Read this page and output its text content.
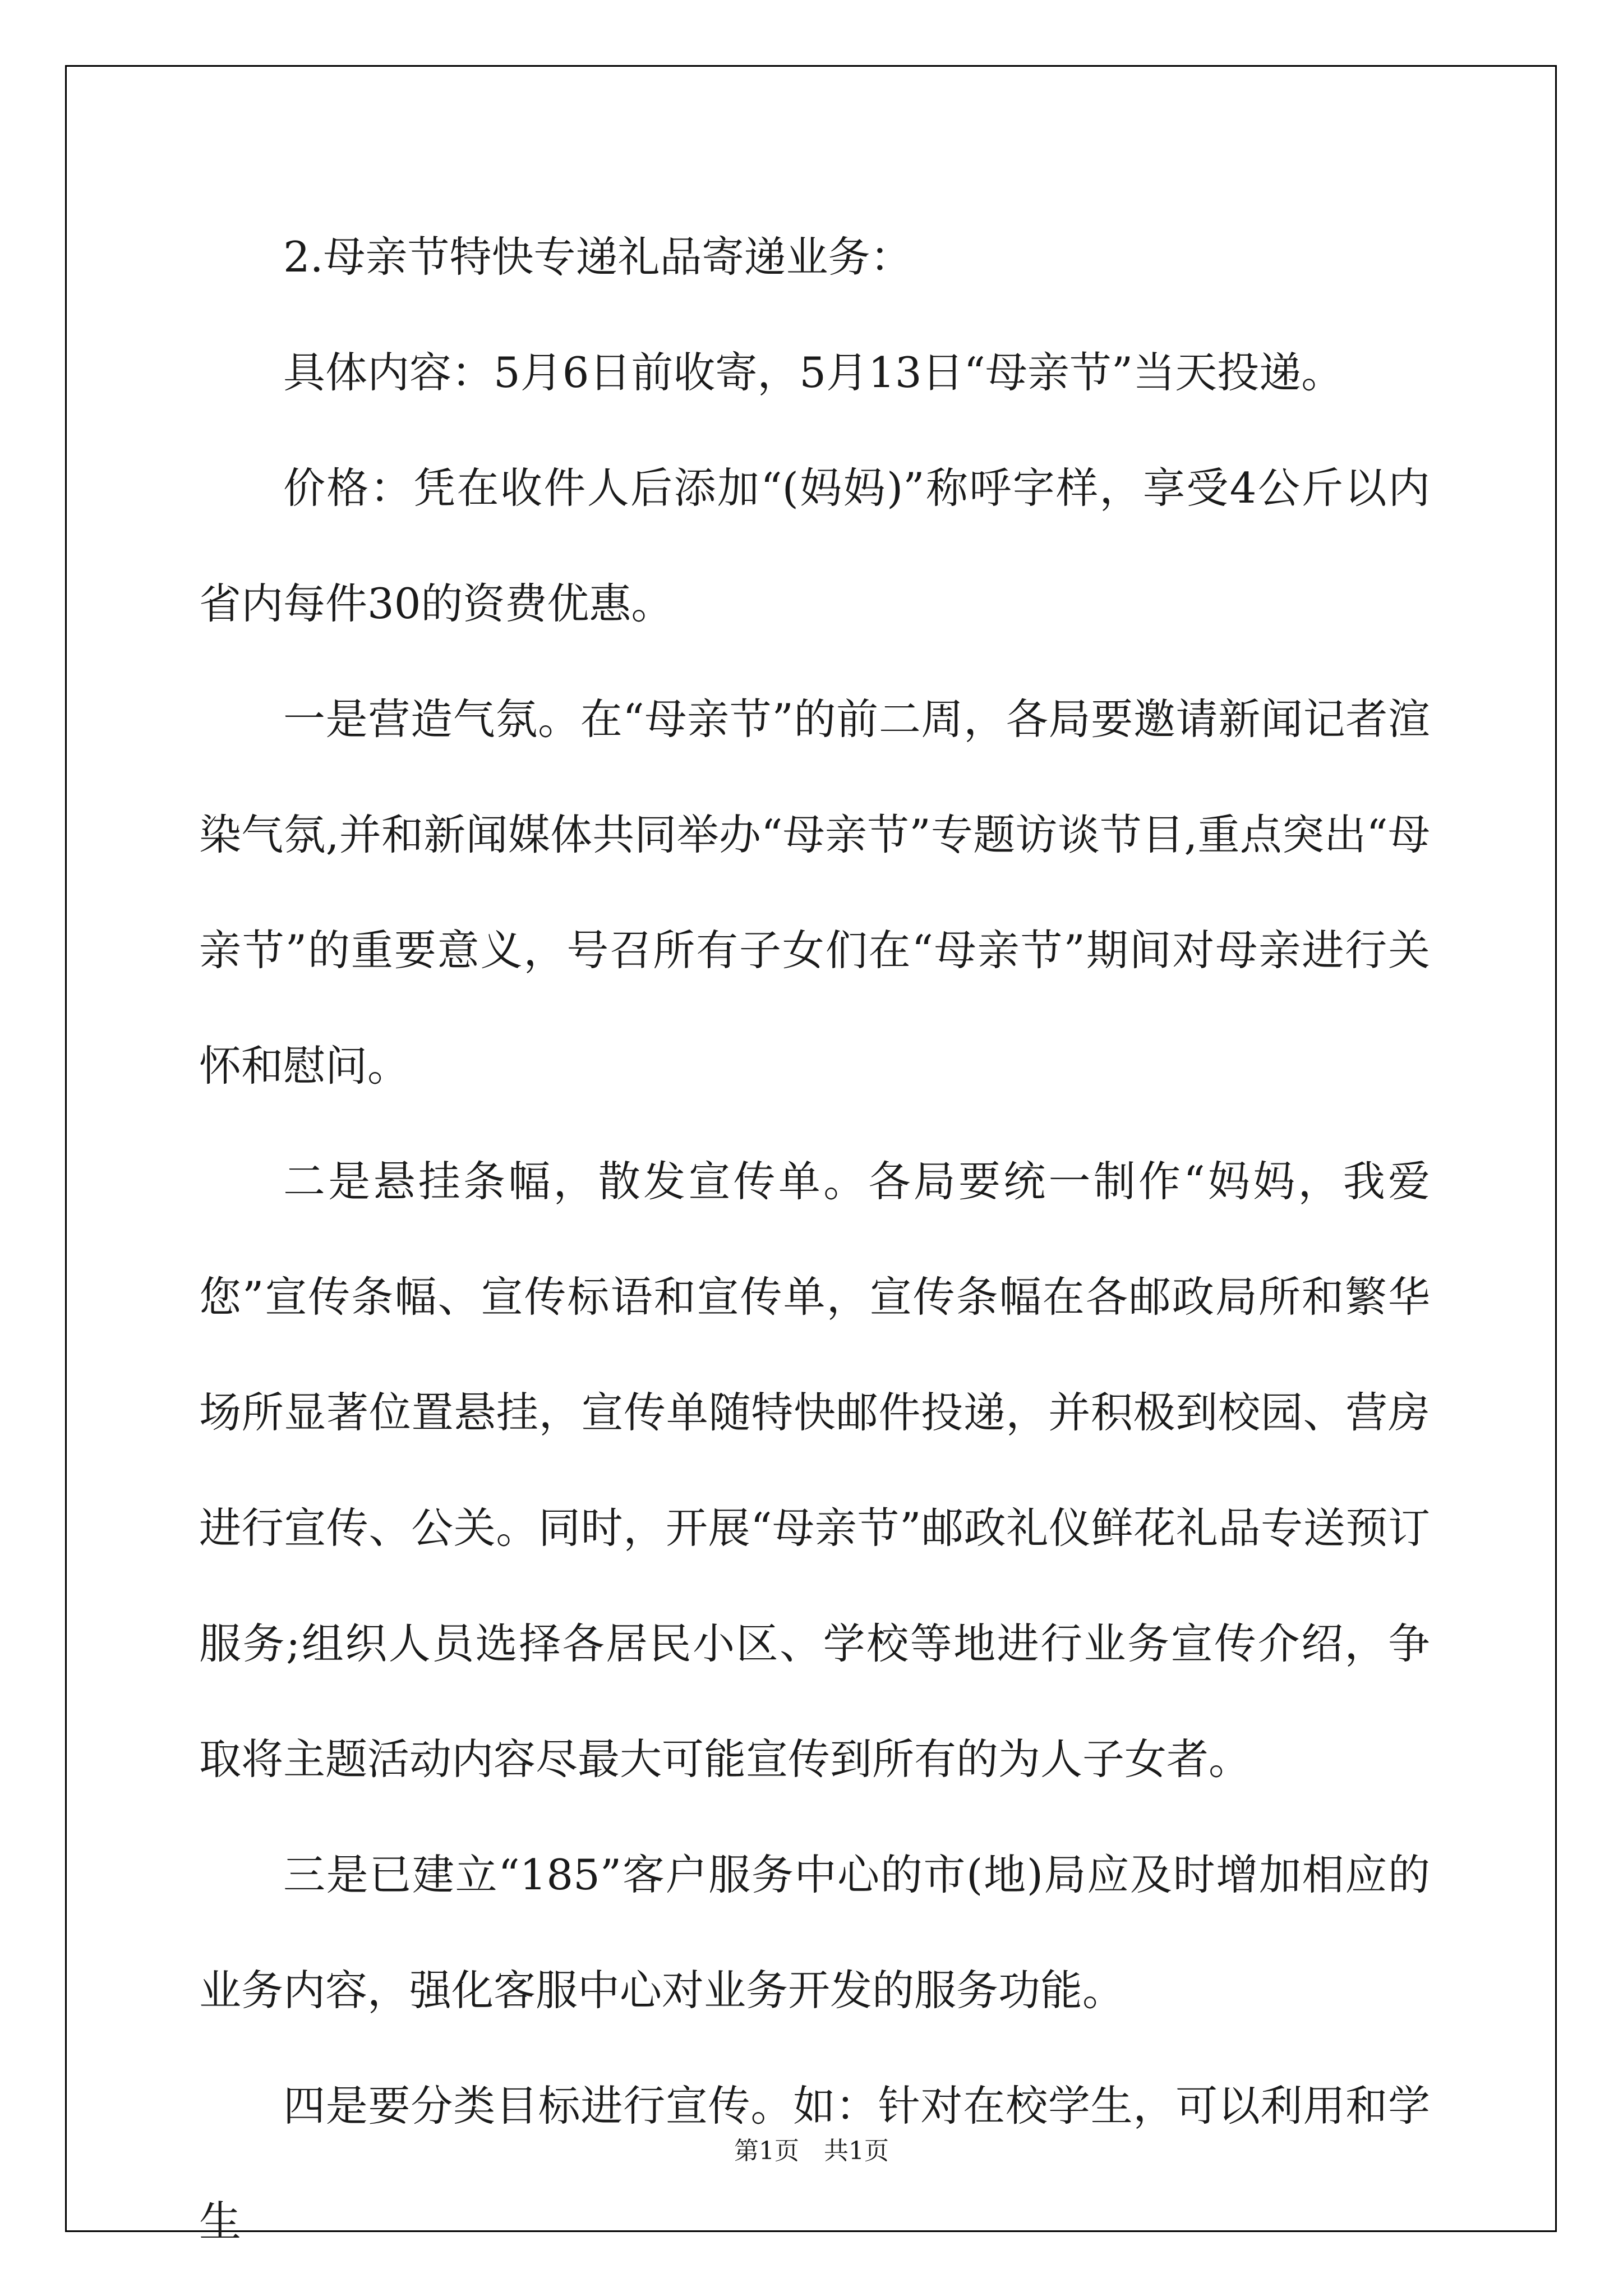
2.母亲节特快专递礼品寄递业务：

具体内容：5月6日前收寄，5月13日“母亲节”当天投递。

价格：凭在收件人后添加“(妈妈)”称呼字样，享受4公斤以内省内每件30的资费优惠。

一是营造气氛。在“母亲节”的前二周，各局要邀请新闻记者渲染气氛,并和新闻媒体共同举办“母亲节”专题访谈节目,重点突出“母亲节”的重要意义，号召所有子女们在“母亲节”期间对母亲进行关怀和慰问。

二是悬挂条幅，散发宣传单。各局要统一制作“妈妈，我爱您”宣传条幅、宣传标语和宣传单，宣传条幅在各邮政局所和繁华场所显著位置悬挂，宣传单随特快邮件投递，并积极到校园、营房进行宣传、公关。同时，开展“母亲节”邮政礼仪鲜花礼品专送预订服务;组织人员选择各居民小区、学校等地进行业务宣传介绍，争取将主题活动内容尽最大可能宣传到所有的为人子女者。

三是已建立“185”客户服务中心的市(地)局应及时增加相应的业务内容，强化客服中心对业务开发的服务功能。

四是要分类目标进行宣传。如：针对在校学生，可以利用和学生

第1页　共1页
